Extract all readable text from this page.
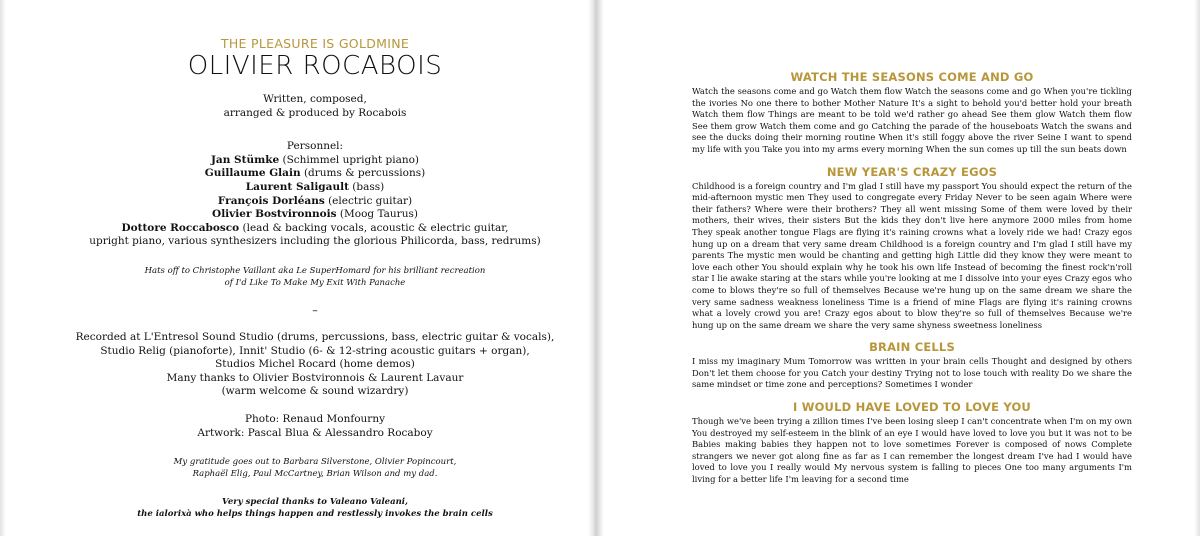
THE PLEASURE IS GOLDMINE

OLIVIER ROCABOIS

Written, composed,

arranged & produced by Rocabois

Personnel:

Jan Stümke (Schimmel upright piano)

Guillaume Glain (drums & percussions)

Laurent Saligault (bass)

François Dorléans (electric guitar)

Olivier Bostvironnois (Moog Taurus)

Dottore Roccabosco (lead & backing vocals, acoustic & electric guitar,

upright piano, various synthesizers including the glorious Philicorda, bass, redrums)

Hats off to Christophe Vaillant aka Le SuperHomard for his brilliant recreation

of I'd Like To Make My Exit With Panache

–

Recorded at L'Entresol Sound Studio (drums, percussions, bass, electric guitar & vocals),

Studio Relig (pianoforte), Innit' Studio (6- & 12-string acoustic guitars + organ),

Studios Michel Rocard (home demos)

Many thanks to Olivier Bostvironnois & Laurent Lavaur

(warm welcome & sound wizardry)

Photo: Renaud Monfourny

Artwork: Pascal Blua & Alessandro Rocaboy

My gratitude goes out to Barbara Silverstone, Olivier Popincourt,

Raphaël Elig, Paul McCartney, Brian Wilson and my dad.

Very special thanks to Valeano Valeani,

the ialorixà who helps things happen and restlessly invokes the brain cells

WATCH THE SEASONS COME AND GO

Watch the seasons come and go Watch them flow Watch the seasons come and go When you're tickling the ivories No one there to bother Mother Nature It's a sight to behold you'd better hold your breath Watch them flow Things are meant to be told we'd rather go ahead See them glow Watch them flow See them grow Watch them come and go Catching the parade of the houseboats Watch the swans and see the ducks doing their morning routine When it's still foggy above the river Seine I want to spend my life with you Take you into my arms every morning When the sun comes up till the sun beats down

NEW YEAR'S CRAZY EGOS

Childhood is a foreign country and I'm glad I still have my passport You should expect the return of the mid-afternoon mystic men They used to congregate every Friday Never to be seen again Where were their fathers? Where were their brothers? They all went missing Some of them were loved by their mothers, their wives, their sisters But the kids they don't live here anymore 2000 miles from home They speak another tongue Flags are flying it's raining crowns what a lovely ride we had! Crazy egos hung up on a dream that very same dream Childhood is a foreign country and I'm glad I still have my parents The mystic men would be chanting and getting high Little did they know they were meant to love each other You should explain why he took his own life Instead of becoming the finest rock'n'roll star I lie awake staring at the stars while you're looking at me I dissolve into your eyes Crazy egos who come to blows they're so full of themselves Because we're hung up on the same dream we share the very same sadness weakness loneliness Time is a friend of mine Flags are flying it's raining crowns what a lovely crowd you are! Crazy egos about to blow they're so full of themselves Because we're hung up on the same dream we share the very same shyness sweetness loneliness

BRAIN CELLS

I miss my imaginary Mum Tomorrow was written in your brain cells Thought and designed by others Don't let them choose for you Catch your destiny Trying not to lose touch with reality Do we share the same mindset or time zone and perceptions? Sometimes I wonder

I WOULD HAVE LOVED TO LOVE YOU

Though we've been trying a zillion times I've been losing sleep I can't concentrate when I'm on my own You destroyed my self-esteem in the blink of an eye I would have loved to love you but it was not to be Babies making babies they happen not to love sometimes Forever is composed of nows Complete strangers we never got along fine as far as I can remember the longest dream I've had I would have loved to love you I really would My nervous system is falling to pieces One too many arguments I'm living for a better life I'm leaving for a second time
